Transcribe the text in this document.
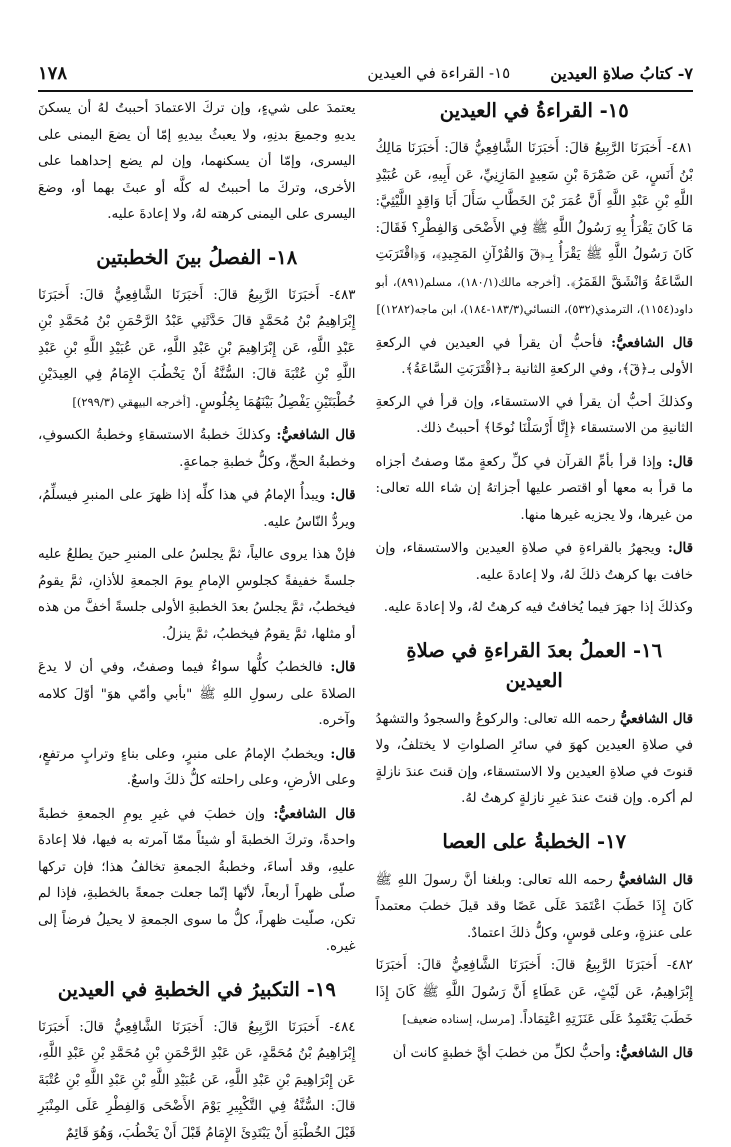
٧- كتابُ صلاةِ العيدين
١٥- القراءة في العيدين
١٧٨
١٥- القراءةُ في العيدين

٤٨١- أَخبَرَنَا الرَّبِيعُ قالَ: أَخبَرَنَا الشَّافِعِيُّ قالَ: أَخبَرَنَا مَالِكُ بْنُ أَنَسٍ، عَن ضَمْرَةَ بْنِ سَعِيدٍ المَازِنِيِّ، عَن أَبِيهِ، عَن عُبَيْدِ اللَّهِ بْنِ عَبْدِ اللَّهِ أَنَّ عُمَرَ بْنَ الخَطَّابِ سَأَلَ أَبَا وَاقِدٍ اللَّيْثِيَّ: مَا كَانَ يَقْرَأُ بِهِ رَسُولُ اللَّهِ ﷺ فِي الأَضْحَى وَالفِطْرِ؟ فَقَالَ: كَانَ رَسُولُ اللَّهِ ﷺ يَقْرَأُ بِـ﴿قٓ وَالقُرْآنِ المَجِيدِ﴾، وَ﴿اقْتَرَبَتِ السَّاعَةُ وَانْشَقَّ القَمَرُ﴾. [أخرجه مالك(١٨٠/١)، مسلم(٨٩١)، أبو داود(١١٥٤)، الترمذي(٥٣٢)، النسائي(١٨٣/٣-١٨٤)، ابن ماجه(١٢٨٢)]

قال الشافعيُّ: فأحبُّ أن يقرأ في العيدين في الركعةِ الأولى بـ﴿قٓ﴾، وفي الركعةِ الثانية بـ﴿اقْتَرَبَتِ السَّاعَةُ﴾.

وكذلكَ أحبُّ أن يقرأ في الاستسقاء، وإن قرأ في الركعةِ الثانيةِ من الاستسقاء ﴿إِنَّا أَرْسَلْنَا نُوحًا﴾ أحببتُ ذلك.

قال: وإذا قرأ بأمِّ القرآن في كلِّ ركعةٍ ممّا وصفتُ أجزاه ما قرأ به معها أو اقتصر عليها أجزاتهُ إن شاء الله تعالى: من غيرها، ولا يجزيه غيرها منها.

قال: ويجهرُ بالقراءةِ في صلاةِ العيدين والاستسقاء، وإن خافت بها كرهتُ ذلكَ لهُ، ولا إعادةَ عليه.

وكذلكَ إذا جهرَ فيما يُخافتُ فيه كرهتُ لهُ، ولا إعادةَ عليه.

١٦- العملُ بعدَ القراءةِ في صلاةِ العيدين

قال الشافعيُّ رحمه الله تعالى: والركوعُ والسجودُ والتشهدُ في صلاةِ العيدين كهوَ في سائرِ الصلواتِ لا يختلفُ، ولا قنوتَ في صلاةِ العيدين ولا الاستسقاء، وإن قنتَ عندَ نازلةٍ لم أكره. وإن قنتَ عندَ غيرِ نازلةٍ كرهتُ لهُ.

١٧- الخطبةُ على العصا

قال الشافعيُّ رحمه الله تعالى: وبلغنا أنَّ رسولَ اللهِ ﷺ كَانَ إِذَا خَطَبَ اعْتَمَدَ عَلَى عَصًا وقد قيلَ خطبَ معتمداً على عنزةٍ، وعلى قوسٍ، وكلُّ ذلكَ اعتمادٌ.

٤٨٢- أَخبَرَنَا الرَّبِيعُ قالَ: أَخبَرَنَا الشَّافِعِيُّ قالَ: أَخبَرَنَا إِبْرَاهِيمُ، عَن لَيْثٍ، عَن عَطَاءٍ أَنَّ رَسُولَ اللَّهِ ﷺ كَانَ إِذَا خَطَبَ يَعْتَمِدُ عَلَى عَنَزَتِهِ اعْتِمَاداً. [مرسل، إسناده ضعيف]

قال الشافعيُّ: وأحبُّ لكلِّ من خطبَ أيَّ خطبةٍ كانت أن

يعتمدَ على شيءٍ، وإن تركَ الاعتمادَ أحببتُ لهُ أن يسكنَ يديهِ وجميعَ بدنِهِ، ولا يعبثُ بيديهِ إمّا أن يضعَ اليمنى على اليسرى، وإمّا أن يسكنهما، وإن لم يضع إحداهما على الأخرى، وتركَ ما أحببتُ له كلَّه أو عبثَ بهما أو، وضعَ اليسرى على اليمنى كرهته لهُ، ولا إعادةَ عليه.

١٨- الفصلُ بينَ الخطبتين

٤٨٣- أَخبَرَنَا الرَّبِيعُ قالَ: أَخبَرَنَا الشَّافِعِيُّ قالَ: أَخبَرَنَا إِبْرَاهِيمُ بْنُ مُحَمَّدٍ قالَ حَدَّثَنِي عَبْدُ الرَّحْمَنِ بْنُ مُحَمَّدِ بْنِ عَبْدِ اللَّهِ، عَن إِبْرَاهِيمَ بْنِ عَبْدِ اللَّهِ، عَن عُبَيْدِ اللَّهِ بْنِ عَبْدِ اللَّهِ بْنِ عُتْبَةَ قالَ: السُّنَّةُ أَنْ يَخْطُبَ الإِمَامُ فِي العِيدَيْنِ خُطْبَتَيْنِ يَفْصِلُ بَيْنَهُمَا بِجُلُوسٍ. [أخرجه البيهقي (٢٩٩/٣)]

قال الشافعيُّ: وكذلكَ خطبةُ الاستسقاءِ وخطبةُ الكسوفِ، وخطبةُ الحجِّ، وكلُّ خطبةِ جماعةٍ.

قال: ويبدأُ الإمامُ في هذا كلِّه إذا ظهرَ على المنبرِ فيسلِّمُ، ويردُّ النّاسُ عليه.

فإنْ هذا يروى عالياً، ثمَّ يجلسُ على المنبرِ حينَ يطلعُ عليه جلسةً خفيفةً كجلوسِ الإمامِ يومَ الجمعةِ للأذانِ، ثمَّ يقومُ فيخطبُ، ثمَّ يجلسُ بعدَ الخطبةِ الأولى جلسةً أخفَّ من هذه أو مثلها، ثمَّ يقومُ فيخطبُ، ثمَّ ينزلُ.

قال: فالخطبُ كلُّها سواءٌ فيما وصفتُ، وفي أن لا يدعَ الصلاةَ على رسولِ اللهِ ﷺ "بأبي وأمّي هوَ" أوّلَ كلامه وآخره.

قال: ويخطبُ الإمامُ على منبرٍ، وعلى بناءٍ وترابٍ مرتفعٍ، وعلى الأرضِ، وعلى راحلته كلُّ ذلكَ واسعٌ.

قال الشافعيُّ: وإن خطبَ في غيرِ يومِ الجمعةِ خطبةً واحدةً، وتركَ الخطبةَ أو شيئاً ممّا آمرته به فيها، فلا إعادةَ عليهِ، وقد أساءَ، وخطبةُ الجمعةِ تخالفُ هذا؛ فإن تركها صلّى ظهراً أربعاً، لأنّها إنّما جعلت جمعةً بالخطبةِ، فإذا لم تكن، صلّيت ظهراً، كلُّ ما سوى الجمعةِ لا يحيلُ فرضاً إلى غيره.

١٩- التكبيرُ في الخطبةِ في العيدين

٤٨٤- أَخبَرَنَا الرَّبِيعُ قالَ: أَخبَرَنَا الشَّافِعِيُّ قالَ: أَخبَرَنَا إِبْرَاهِيمُ بْنُ مُحَمَّدٍ، عَن عَبْدِ الرَّحْمَنِ بْنِ مُحَمَّدِ بْنِ عَبْدِ اللَّهِ، عَن إِبْرَاهِيمَ بْنِ عَبْدِ اللَّهِ، عَن عُبَيْدِ اللَّهِ بْنِ عَبْدِ اللَّهِ بْنِ عُتْبَةَ قالَ: السُّنَّةُ فِي التَّكْبِيرِ يَوْمَ الأَضْحَى وَالفِطْرِ عَلَى المِنْبَرِ قَبْلَ الخُطْبَةِ أَنْ يَبْتَدِئَ الإِمَامُ قَبْلَ أَنْ يَخْطُبَ، وَهُوَ قَائِمٌ
